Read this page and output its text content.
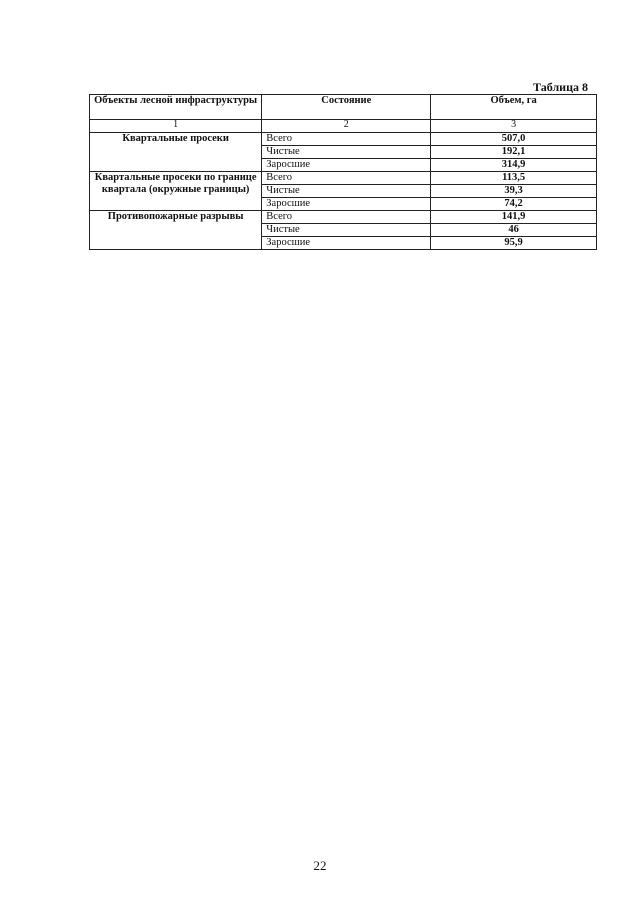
Таблица 8
Объекты лесной инфраструктуры	Состояние	Объем, га
1	2	3
Квартальные просеки	Всего	507,0
	Чистые	192,1
	Заросшие	314,9
Квартальные просеки по границе квартала (окружные границы)	Всего	113,5
	Чистые	39,3
	Заросшие	74,2
Противопожарные разрывы	Всего	141,9
	Чистые	46
	Заросшие	95,9
22
